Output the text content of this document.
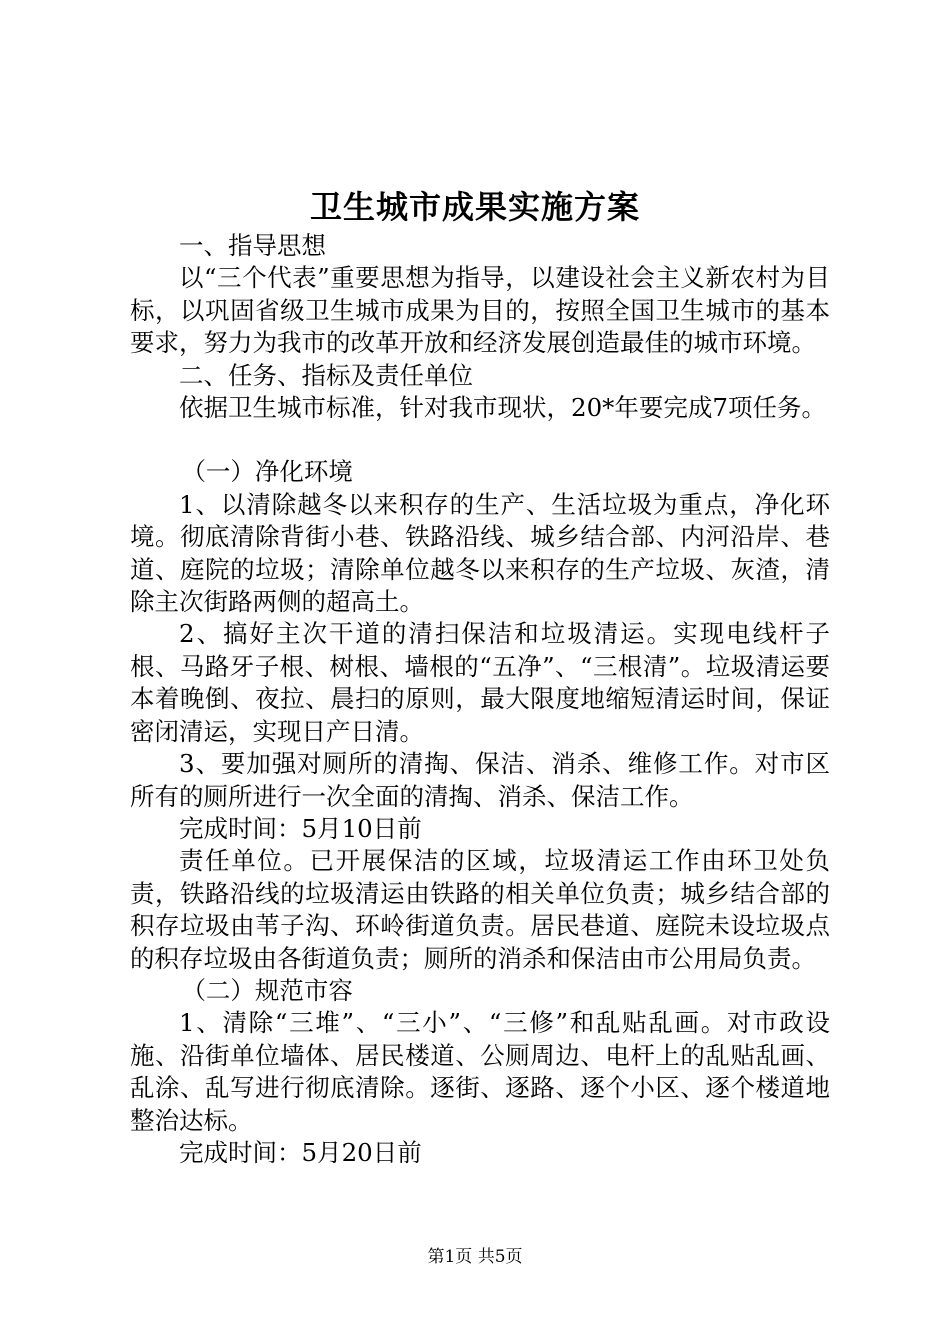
卫生城市成果实施方案

一、指导思想

以“三个代表”重要思想为指导，以建设社会主义新农村为目标，以巩固省级卫生城市成果为目的，按照全国卫生城市的基本要求，努力为我市的改革开放和经济发展创造最佳的城市环境。

二、任务、指标及责任单位

依据卫生城市标准，针对我市现状，20*年要完成7项任务。

（一）净化环境

1、以清除越冬以来积存的生产、生活垃圾为重点，净化环境。彻底清除背街小巷、铁路沿线、城乡结合部、内河沿岸、巷道、庭院的垃圾；清除单位越冬以来积存的生产垃圾、灰渣，清除主次街路两侧的超高土。

2、搞好主次干道的清扫保洁和垃圾清运。实现电线杆子根、马路牙子根、树根、墙根的“五净”、“三根清”。垃圾清运要本着晚倒、夜拉、晨扫的原则，最大限度地缩短清运时间，保证密闭清运，实现日产日清。

3、要加强对厕所的清掏、保洁、消杀、维修工作。对市区所有的厕所进行一次全面的清掏、消杀、保洁工作。

完成时间：5月10日前

责任单位。已开展保洁的区域，垃圾清运工作由环卫处负责，铁路沿线的垃圾清运由铁路的相关单位负责；城乡结合部的积存垃圾由苇子沟、环岭街道负责。居民巷道、庭院未设垃圾点的积存垃圾由各街道负责；厕所的消杀和保洁由市公用局负责。

（二）规范市容

1、清除“三堆”、“三小”、“三修”和乱贴乱画。对市政设施、沿街单位墙体、居民楼道、公厕周边、电杆上的乱贴乱画、乱涂、乱写进行彻底清除。逐街、逐路、逐个小区、逐个楼道地整治达标。

完成时间：5月20日前

第1页 共5页
